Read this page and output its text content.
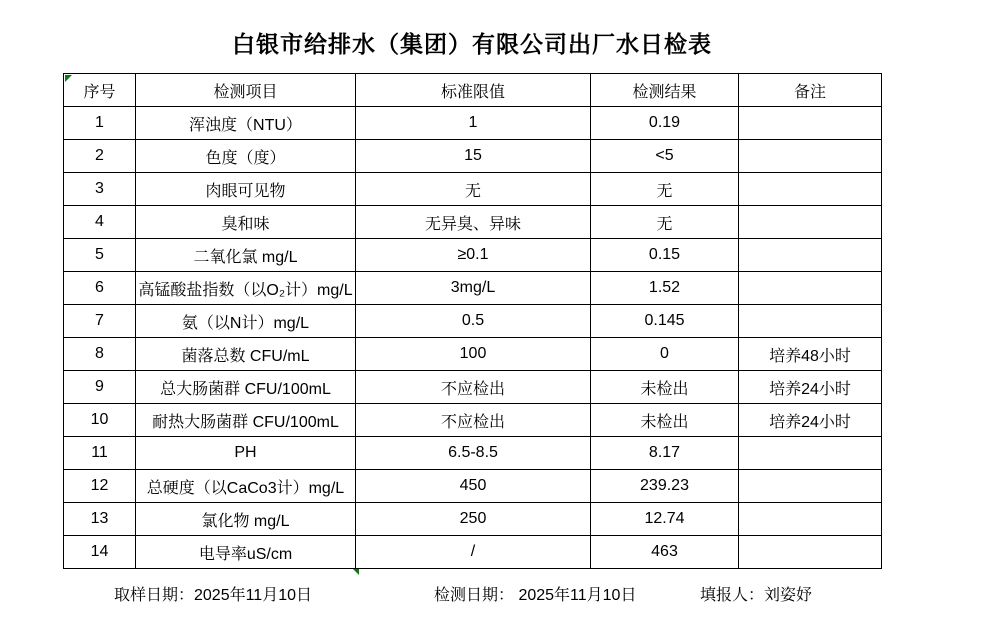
白银市给排水（集团）有限公司出厂水日检表
序号	检测项目	标准限值	检测结果	备注
1	浑浊度（NTU）	1	0.19	
2	色度（度）	15	<5	
3	肉眼可见物	无	无	
4	臭和味	无异臭、异味	无	
5	二氧化氯 mg/L	≥0.1	0.15	
6	高锰酸盐指数（以O₂计）mg/L	3mg/L	1.52	
7	氨（以N计）mg/L	0.5	0.145	
8	菌落总数 CFU/mL	100	0	培养48小时
9	总大肠菌群 CFU/100mL	不应检出	未检出	培养24小时
10	耐热大肠菌群 CFU/100mL	不应检出	未检出	培养24小时
11	PH	6.5-8.5	8.17	
12	总硬度（以CaCo3计）mg/L	450	239.23	
13	氯化物 mg/L	250	12.74	
14	电导率uS/cm	/	463	
取样日期：2025年11月10日	检测日期： 2025年11月10日	填报人：刘姿妤
